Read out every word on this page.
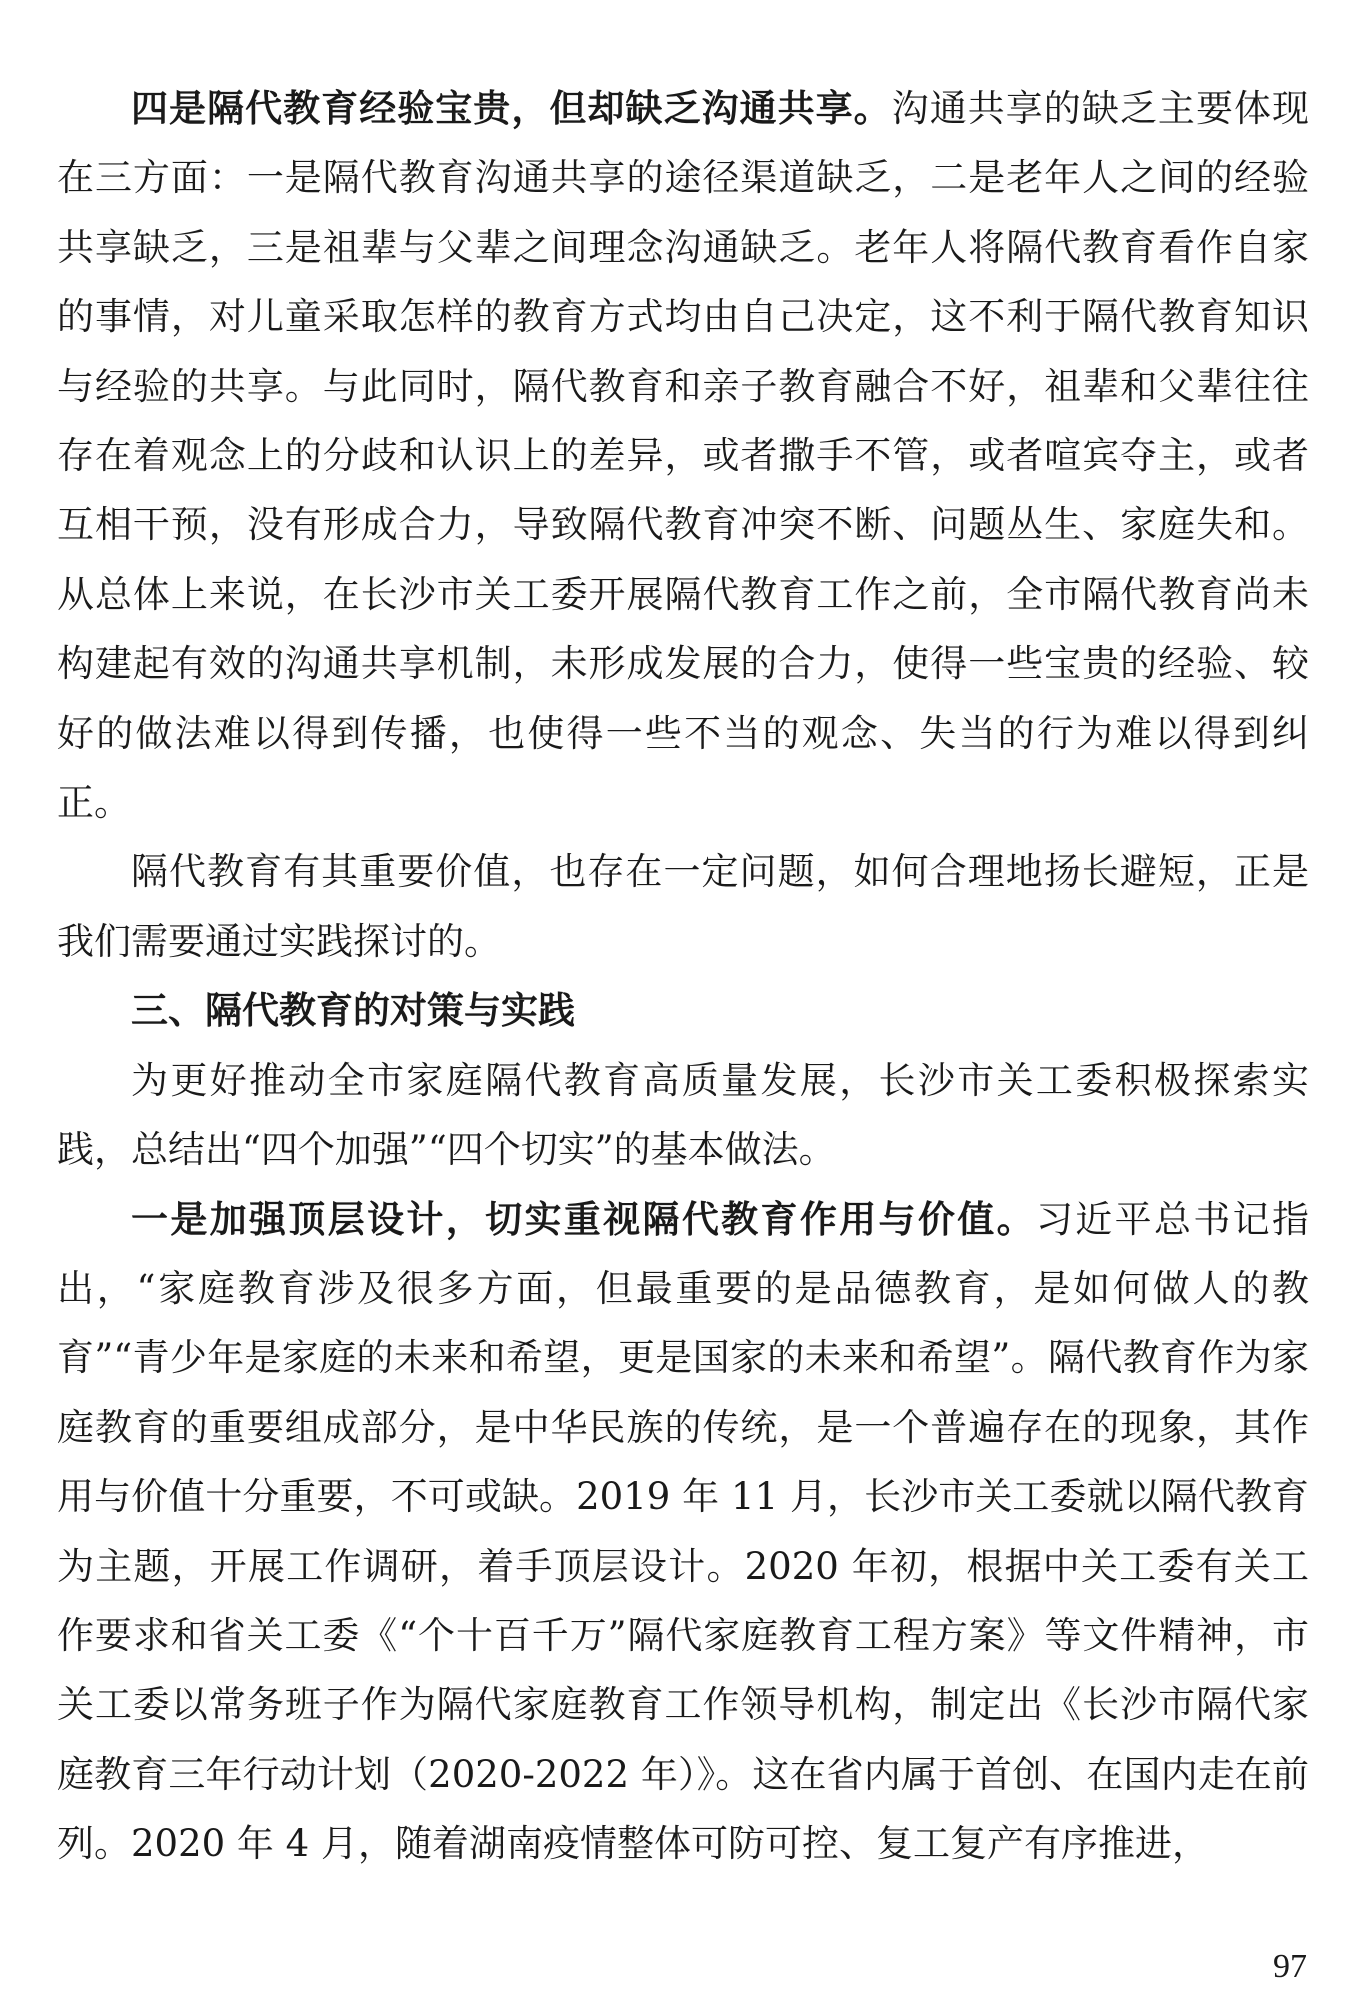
四是隔代教育经验宝贵，但却缺乏沟通共享。沟通共享的缺乏主要体现在三方面：一是隔代教育沟通共享的途径渠道缺乏，二是老年人之间的经验共享缺乏，三是祖辈与父辈之间理念沟通缺乏。老年人将隔代教育看作自家的事情，对儿童采取怎样的教育方式均由自己决定，这不利于隔代教育知识与经验的共享。与此同时，隔代教育和亲子教育融合不好，祖辈和父辈往往存在着观念上的分歧和认识上的差异，或者撒手不管，或者喧宾夺主，或者互相干预，没有形成合力，导致隔代教育冲突不断、问题丛生、家庭失和。从总体上来说，在长沙市关工委开展隔代教育工作之前，全市隔代教育尚未构建起有效的沟通共享机制，未形成发展的合力，使得一些宝贵的经验、较好的做法难以得到传播，也使得一些不当的观念、失当的行为难以得到纠正。

隔代教育有其重要价值，也存在一定问题，如何合理地扬长避短，正是我们需要通过实践探讨的。

三、隔代教育的对策与实践

为更好推动全市家庭隔代教育高质量发展，长沙市关工委积极探索实践，总结出“四个加强”“四个切实”的基本做法。

一是加强顶层设计，切实重视隔代教育作用与价值。习近平总书记指出，“家庭教育涉及很多方面，但最重要的是品德教育，是如何做人的教育”“青少年是家庭的未来和希望，更是国家的未来和希望”。隔代教育作为家庭教育的重要组成部分，是中华民族的传统，是一个普遍存在的现象，其作用与价值十分重要，不可或缺。2019 年 11 月，长沙市关工委就以隔代教育为主题，开展工作调研，着手顶层设计。2020 年初，根据中关工委有关工作要求和省关工委《“个十百千万”隔代家庭教育工程方案》等文件精神，市关工委以常务班子作为隔代家庭教育工作领导机构，制定出《长沙市隔代家庭教育三年行动计划（2020-2022 年）》。这在省内属于首创、在国内走在前列。2020 年 4 月，随着湖南疫情整体可防可控、复工复产有序推进，

97
